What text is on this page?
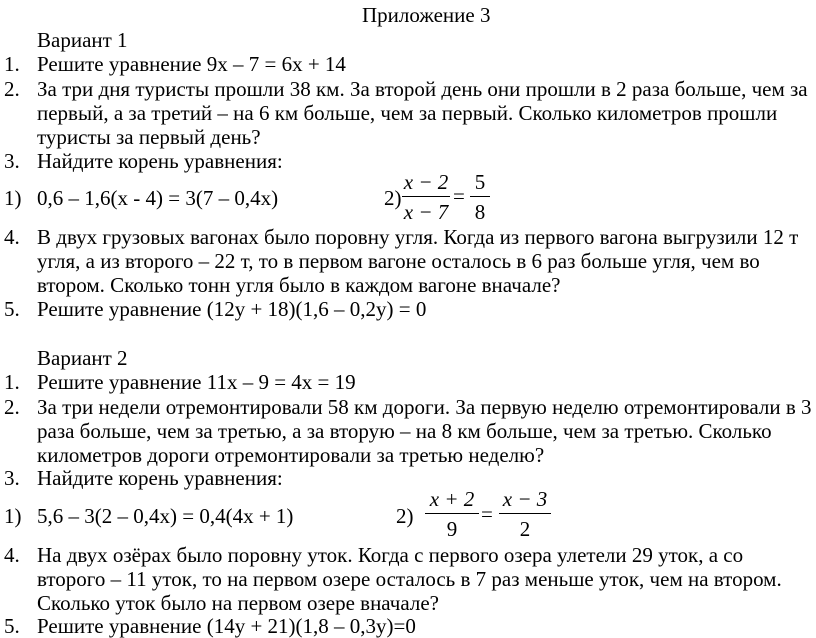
Приложение 3
Вариант 1
1. Решите уравнение 9х – 7 = 6х + 14
2. За три дня туристы прошли 38 км. За второй день они прошли в 2 раза больше, чем за
первый, а за третий – на 6 км больше, чем за первый. Сколько километров прошли
туристы за первый день?
3. Найдите корень уравнения:
1) 0,6 – 1,6(х - 4) = 3(7 – 0,4х)	2)
x − 2
x − 7
=
5
8
4. В двух грузовых вагонах было поровну угля. Когда из первого вагона выгрузили 12 т
угля, а из второго – 22 т, то в первом вагоне осталось в 6 раз больше угля, чем во
втором. Сколько тонн угля было в каждом вагоне вначале?
5. Решите уравнение (12у + 18)(1,6 – 0,2у) = 0
Вариант 2
1. Решите уравнение 11х – 9 = 4х = 19
2. За три недели отремонтировали 58 км дороги. За первую неделю отремонтировали в 3
раза больше, чем за третью, а за вторую – на 8 км больше, чем за третью. Сколько
километров дороги отремонтировали за третью неделю?
3. Найдите корень уравнения:
1) 5,6 – 3(2 – 0,4х) = 0,4(4х + 1)	2)
x + 2
9
=
x − 3
2
4. На двух озёрах было поровну уток. Когда с первого озера улетели 29 уток, а со
второго – 11 уток, то на первом озере осталось в 7 раз меньше уток, чем на втором.
Сколько уток было на первом озере вначале?
5. Решите уравнение (14у + 21)(1,8 – 0,3у)=0
